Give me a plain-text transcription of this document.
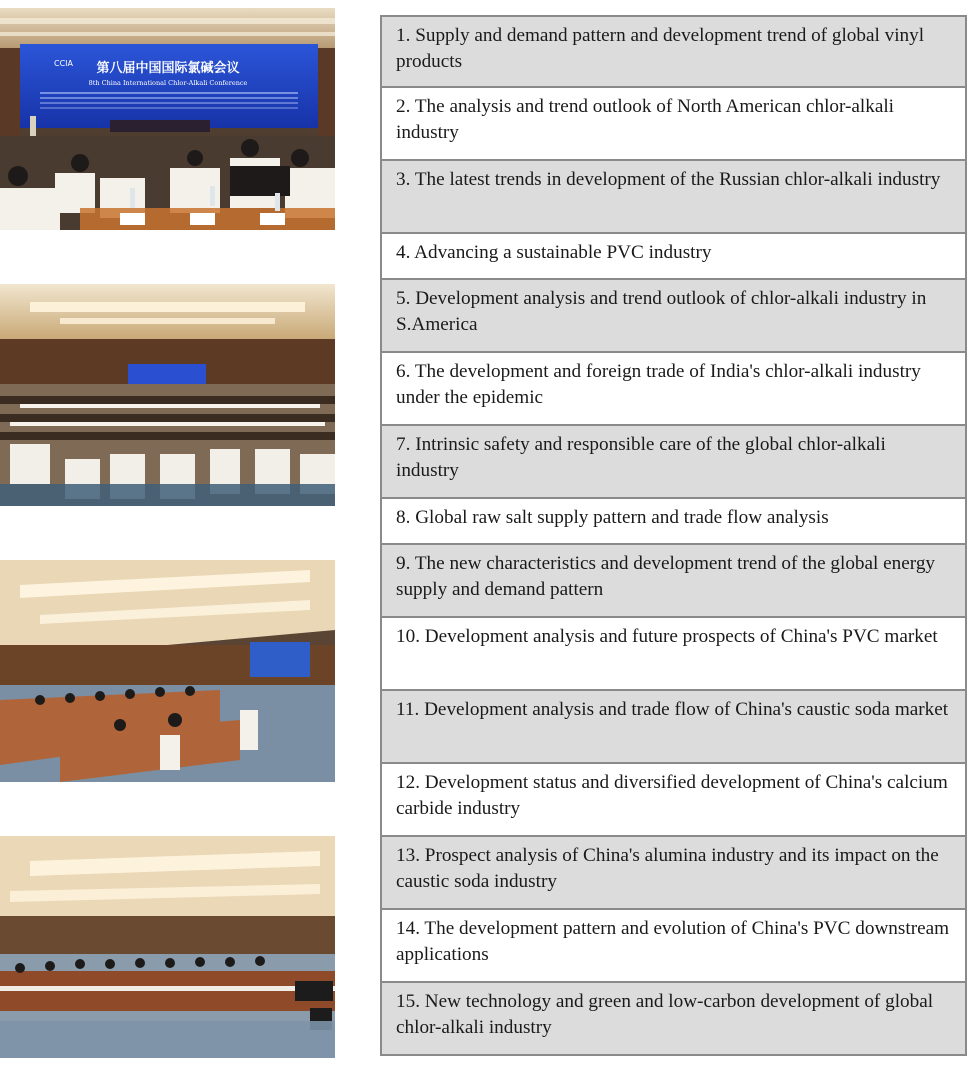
CCIA 第八届中国国际氯碱会议
8th China International Chlor-Alkali Conference
1. Supply and demand pattern and development trend of global vinyl products
2. The analysis and trend outlook of North American chlor-alkali industry
3. The latest trends in development of the Russian chlor-alkali industry
4. Advancing a sustainable PVC industry
5. Development analysis and trend outlook of chlor-alkali industry in S.America
6. The development and foreign trade of India's chlor-alkali industry under the epidemic
7. Intrinsic safety and responsible care of the global chlor-alkali industry
8. Global raw salt supply pattern and trade flow analysis
9. The new characteristics and development trend of the global energy supply and demand pattern
10. Development analysis and future prospects of China's PVC market
11. Development analysis and trade flow of China's caustic soda market
12. Development status and diversified development of China's calcium carbide industry
13. Prospect analysis of China's alumina industry and its impact on the caustic soda industry
14. The development pattern and evolution of China's PVC downstream applications
15. New technology and green and low-carbon development of global chlor-alkali industry
